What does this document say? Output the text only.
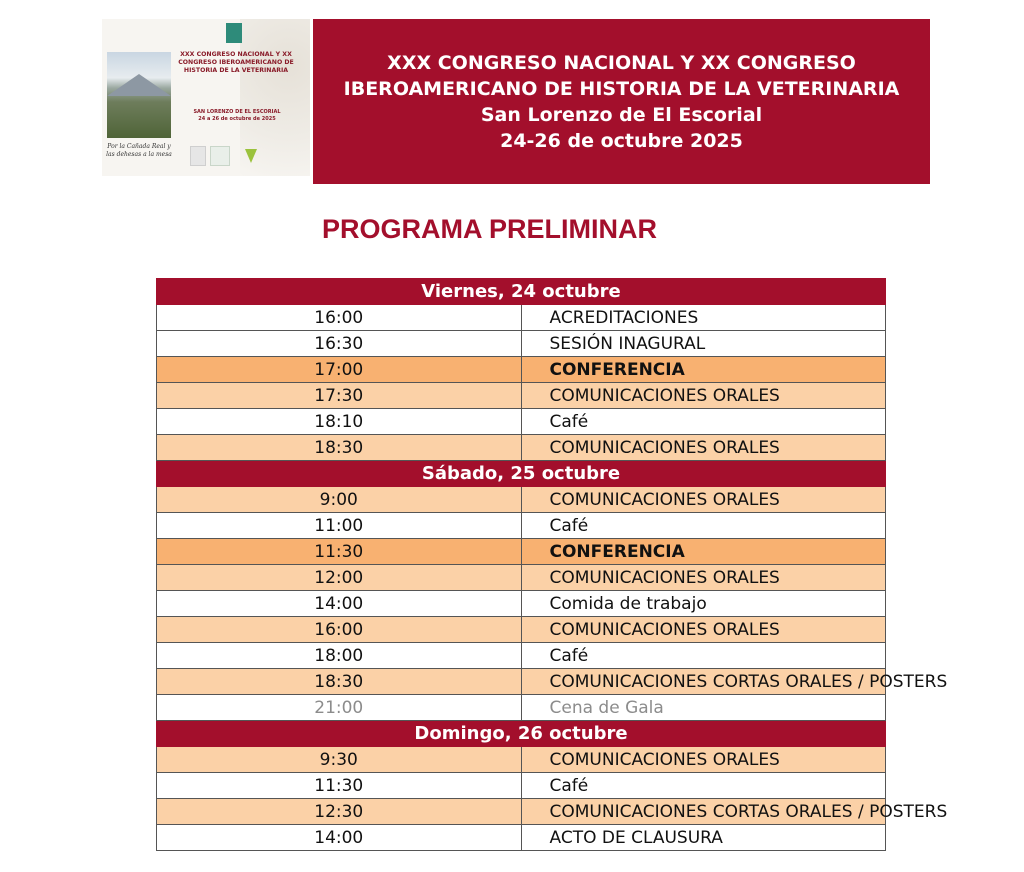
XXX CONGRESO NACIONAL Y XX CONGRESO IBEROAMERICANO DE HISTORIA DE LA VETERINARIA
SAN LORENZO DE EL ESCORIAL
24 a 26 de octubre de 2025
Por la Cañada Real y las dehesas a la mesa
XXX CONGRESO NACIONAL Y XX CONGRESO
IBEROAMERICANO DE HISTORIA DE LA VETERINARIA
San Lorenzo de El Escorial
24-26 de octubre 2025
PROGRAMA PRELIMINAR
Viernes, 24 octubre	
16:00	ACREDITACIONES
16:30	SESIÓN INAGURAL
17:00	CONFERENCIA
17:30	COMUNICACIONES ORALES
18:10	Café
18:30	COMUNICACIONES ORALES
Sábado, 25 octubre	
9:00	COMUNICACIONES ORALES
11:00	Café
11:30	CONFERENCIA
12:00	COMUNICACIONES ORALES
14:00	Comida de trabajo
16:00	COMUNICACIONES ORALES
18:00	Café
18:30	COMUNICACIONES CORTAS ORALES / POSTERS
21:00	Cena de Gala
Domingo, 26 octubre	
9:30	COMUNICACIONES ORALES
11:30	Café
12:30	COMUNICACIONES CORTAS ORALES / POSTERS
14:00	ACTO DE CLAUSURA
